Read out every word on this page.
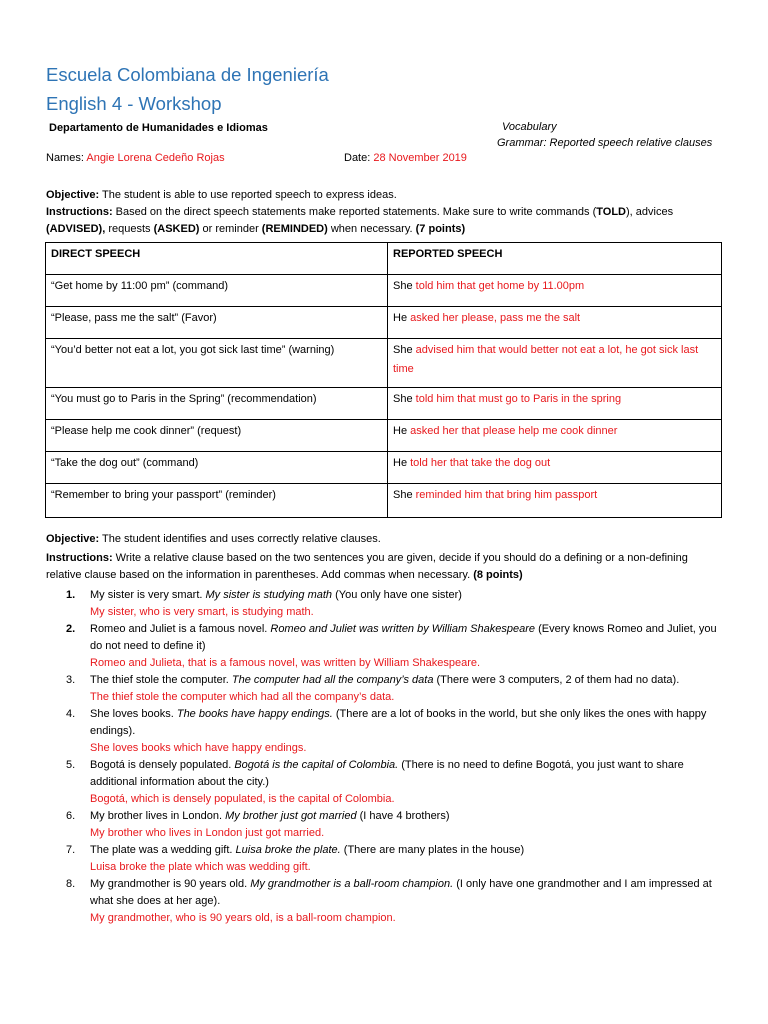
Escuela Colombiana de Ingeniería
English 4 - Workshop
Departamento de Humanidades e Idiomas	Vocabulary
Grammar: Reported speech relative clauses
Names: Angie Lorena Cedeño Rojas	Date: 28 November 2019
Objective: The student is able to use reported speech to express ideas.
Instructions: Based on the direct speech statements make reported statements. Make sure to write commands (TOLD), advices
(ADVISED), requests (ASKED) or reminder (REMINDED) when necessary. (7 points)
DIRECT SPEECH	REPORTED SPEECH
“Get home by 11:00 pm” (command)	She told him that get home by 11.00pm
“Please, pass me the salt” (Favor)	He asked her please, pass me the salt
“You’d better not eat a lot, you got sick last time” (warning)	She advised him that would better not eat a lot, he got sick last time
“You must go to Paris in the Spring” (recommendation)	She told him that must go to Paris in the spring
“Please help me cook dinner” (request)	He asked her that please help me cook dinner
“Take the dog out” (command)	He told her that take the dog out
“Remember to bring your passport” (reminder)	She reminded him that bring him passport
Objective: The student identifies and uses correctly relative clauses.
Instructions: Write a relative clause based on the two sentences you are given, decide if you should do a defining or a non-defining relative clause based on the information in parentheses. Add commas when necessary. (8 points)
1. My sister is very smart. My sister is studying math (You only have one sister)
My sister, who is very smart, is studying math.
2. Romeo and Juliet is a famous novel. Romeo and Juliet was written by William Shakespeare (Every knows Romeo and Juliet, you do not need to define it)
Romeo and Julieta, that is a famous novel, was written by William Shakespeare.
3. The thief stole the computer. The computer had all the company’s data (There were 3 computers, 2 of them had no data).
The thief stole the computer which had all the company’s data.
4. She loves books. The books have happy endings. (There are a lot of books in the world, but she only likes the ones with happy endings).
She loves books which have happy endings.
5. Bogotá is densely populated. Bogotá is the capital of Colombia. (There is no need to define Bogotá, you just want to share additional information about the city.)
Bogotá, which is densely populated, is the capital of Colombia.
6. My brother lives in London. My brother just got married (I have 4 brothers)
My brother who lives in London just got married.
7. The plate was a wedding gift. Luisa broke the plate. (There are many plates in the house)
Luisa broke the plate which was wedding gift.
8. My grandmother is 90 years old. My grandmother is a ball-room champion. (I only have one grandmother and I am impressed at what she does at her age).
My grandmother, who is 90 years old, is a ball-room champion.
